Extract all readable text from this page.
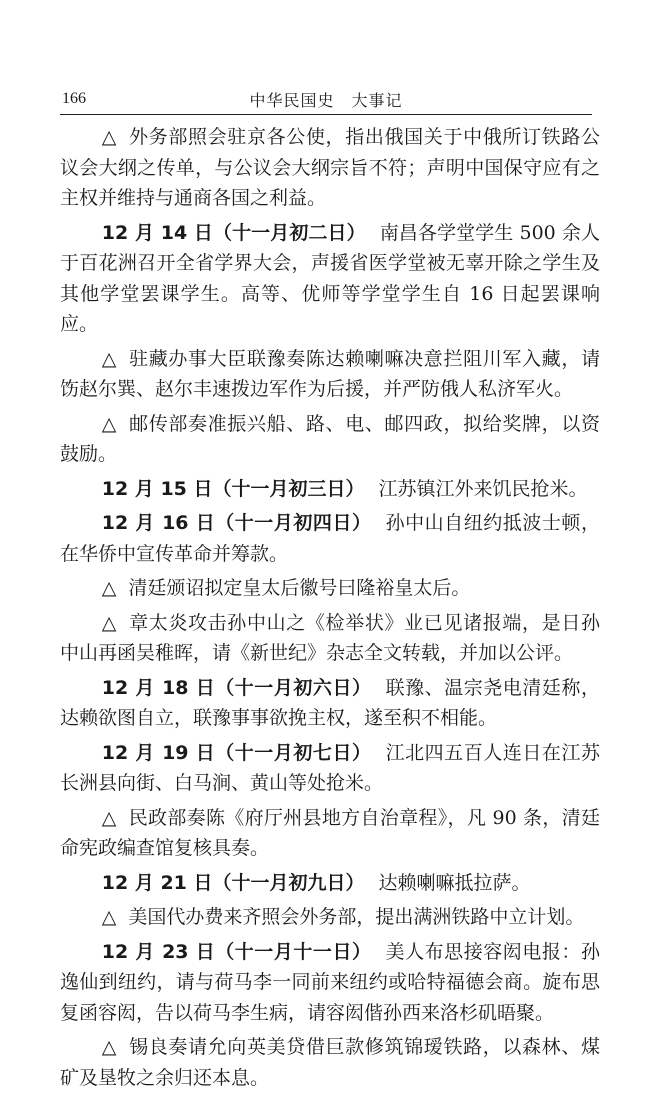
166	中华民国史　大事记

△ 外务部照会驻京各公使，指出俄国关于中俄所订铁路公议会大纲之传单，与公议会大纲宗旨不符；声明中国保守应有之主权并维持与通商各国之利益。

12 月 14 日（十一月初二日） 南昌各学堂学生 500 余人于百花洲召开全省学界大会，声援省医学堂被无辜开除之学生及其他学堂罢课学生。高等、优师等学堂学生自 16 日起罢课响应。

△ 驻藏办事大臣联豫奏陈达赖喇嘛决意拦阻川军入藏，请饬赵尔巽、赵尔丰速拨边军作为后援，并严防俄人私济军火。

△ 邮传部奏准振兴船、路、电、邮四政，拟给奖牌，以资鼓励。

12 月 15 日（十一月初三日） 江苏镇江外来饥民抢米。

12 月 16 日（十一月初四日） 孙中山自纽约抵波士顿，在华侨中宣传革命并筹款。

△ 清廷颁诏拟定皇太后徽号曰隆裕皇太后。

△ 章太炎攻击孙中山之《检举状》业已见诸报端，是日孙中山再函吴稚晖，请《新世纪》杂志全文转载，并加以公评。

12 月 18 日（十一月初六日） 联豫、温宗尧电清廷称，达赖欲图自立，联豫事事欲挽主权，遂至积不相能。

12 月 19 日（十一月初七日） 江北四五百人连日在江苏长洲县向街、白马涧、黄山等处抢米。

△ 民政部奏陈《府厅州县地方自治章程》，凡 90 条，清廷命宪政编查馆复核具奏。

12 月 21 日（十一月初九日） 达赖喇嘛抵拉萨。

△ 美国代办费来齐照会外务部，提出满洲铁路中立计划。

12 月 23 日（十一月十一日） 美人布思接容闳电报：孙逸仙到纽约，请与荷马李一同前来纽约或哈特福德会商。旋布思复函容闳，告以荷马李生病，请容闳偕孙西来洛杉矶晤聚。

△ 锡良奏请允向英美贷借巨款修筑锦瑷铁路，以森林、煤矿及垦牧之余归还本息。
